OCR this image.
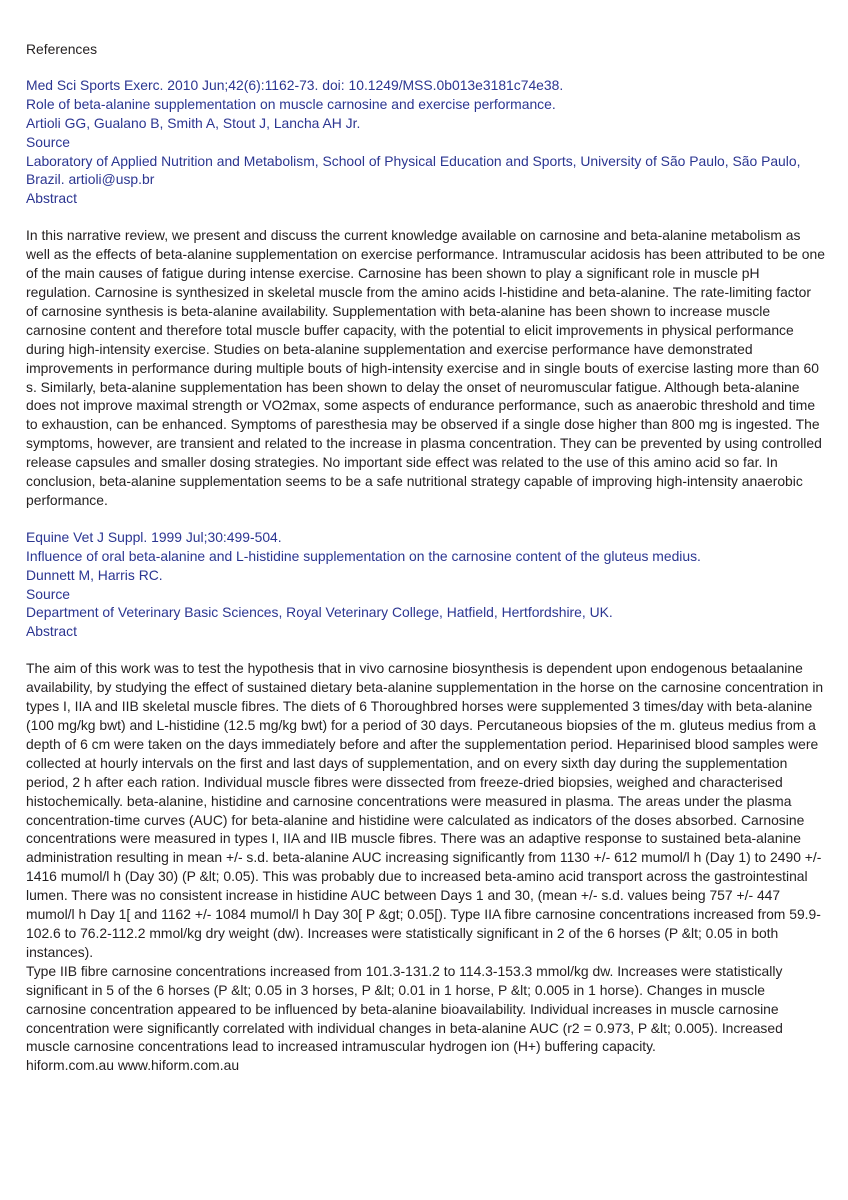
References
Med Sci Sports Exerc. 2010 Jun;42(6):1162-73. doi: 10.1249/MSS.0b013e3181c74e38.
Role of beta-alanine supplementation on muscle carnosine and exercise performance.
Artioli GG, Gualano B, Smith A, Stout J, Lancha AH Jr.
Source
Laboratory of Applied Nutrition and Metabolism, School of Physical Education and Sports, University of São Paulo, São Paulo, Brazil. artioli@usp.br
Abstract

In this narrative review, we present and discuss the current knowledge available on carnosine and beta-alanine metabolism as well as the effects of beta-alanine supplementation on exercise performance. Intramuscular acidosis has been attributed to be one of the main causes of fatigue during intense exercise. Carnosine has been shown to play a significant role in muscle pH regulation. Carnosine is synthesized in skeletal muscle from the amino acids l-histidine and beta-alanine. The rate-limiting factor of carnosine synthesis is beta-alanine availability. Supplementation with beta-alanine has been shown to increase muscle carnosine content and therefore total muscle buffer capacity, with the potential to elicit improvements in physical performance during high-intensity exercise. Studies on beta-alanine supplementation and exercise performance have demonstrated improvements in performance during multiple bouts of high-intensity exercise and in single bouts of exercise lasting more than 60 s. Similarly, beta-alanine supplementation has been shown to delay the onset of neuromuscular fatigue. Although beta-alanine does not improve maximal strength or VO2max, some aspects of endurance performance, such as anaerobic threshold and time to exhaustion, can be enhanced. Symptoms of paresthesia may be observed if a single dose higher than 800 mg is ingested. The symptoms, however, are transient and related to the increase in plasma concentration. They can be prevented by using controlled release capsules and smaller dosing strategies. No important side effect was related to the use of this amino acid so far. In conclusion, beta-alanine supplementation seems to be a safe nutritional strategy capable of improving high-intensity anaerobic performance.

Equine Vet J Suppl. 1999 Jul;30:499-504.
Influence of oral beta-alanine and L-histidine supplementation on the carnosine content of the gluteus medius.
Dunnett M, Harris RC.
Source
Department of Veterinary Basic Sciences, Royal Veterinary College, Hatfield, Hertfordshire, UK.
Abstract

The aim of this work was to test the hypothesis that in vivo carnosine biosynthesis is dependent upon endogenous betaalanine

availability, by studying the effect of sustained dietary beta-alanine supplementation in the horse on the carnosine concentration in types I, IIA and IIB skeletal muscle fibres. The diets of 6 Thoroughbred horses were supplemented 3 times/day with beta-alanine (100 mg/kg bwt) and L-histidine (12.5 mg/kg bwt) for a period of 30 days. Percutaneous biopsies of the m. gluteus medius from a depth of 6 cm were taken on the days immediately before and after the supplementation period. Heparinised blood samples were collected at hourly intervals on the first and last days of supplementation, and on every sixth day during the supplementation period, 2 h after each ration. Individual muscle fibres were dissected from freeze-dried biopsies, weighed and characterised histochemically. beta-alanine, histidine and carnosine concentrations were measured in plasma. The areas under the plasma concentration-time curves (AUC) for beta-alanine and histidine were calculated as indicators of the doses absorbed. Carnosine concentrations were measured in types I, IIA and IIB muscle fibres. There was an adaptive response to sustained beta-alanine administration resulting in mean +/- s.d. beta-alanine AUC increasing significantly from 1130 +/- 612 mumol/l h (Day 1) to 2490 +/- 1416 mumol/l h (Day 30) (P &lt; 0.05). This was probably due to increased beta-amino acid transport across the gastrointestinal lumen. There was no consistent increase in histidine AUC between Days 1 and 30, (mean +/- s.d. values being 757 +/- 447 mumol/l h Day 1[ and 1162 +/- 1084 mumol/l h Day 30[ P &gt; 0.05[). Type IIA fibre carnosine concentrations increased from 59.9-102.6 to 76.2-112.2 mmol/kg dry weight (dw). Increases were statistically significant in 2 of the 6 horses (P &lt; 0.05 in both instances).

Type IIB fibre carnosine concentrations increased from 101.3-131.2 to 114.3-153.3 mmol/kg dw. Increases were statistically significant in 5 of the 6 horses (P &lt; 0.05 in 3 horses, P &lt; 0.01 in 1 horse, P &lt; 0.005 in 1 horse). Changes in muscle carnosine concentration appeared to be influenced by beta-alanine bioavailability. Individual increases in muscle carnosine concentration were significantly correlated with individual changes in beta-alanine AUC (r2 = 0.973, P &lt; 0.005). Increased muscle carnosine concentrations lead to increased intramuscular hydrogen ion (H+) buffering capacity.

hiform.com.au www.hiform.com.au
